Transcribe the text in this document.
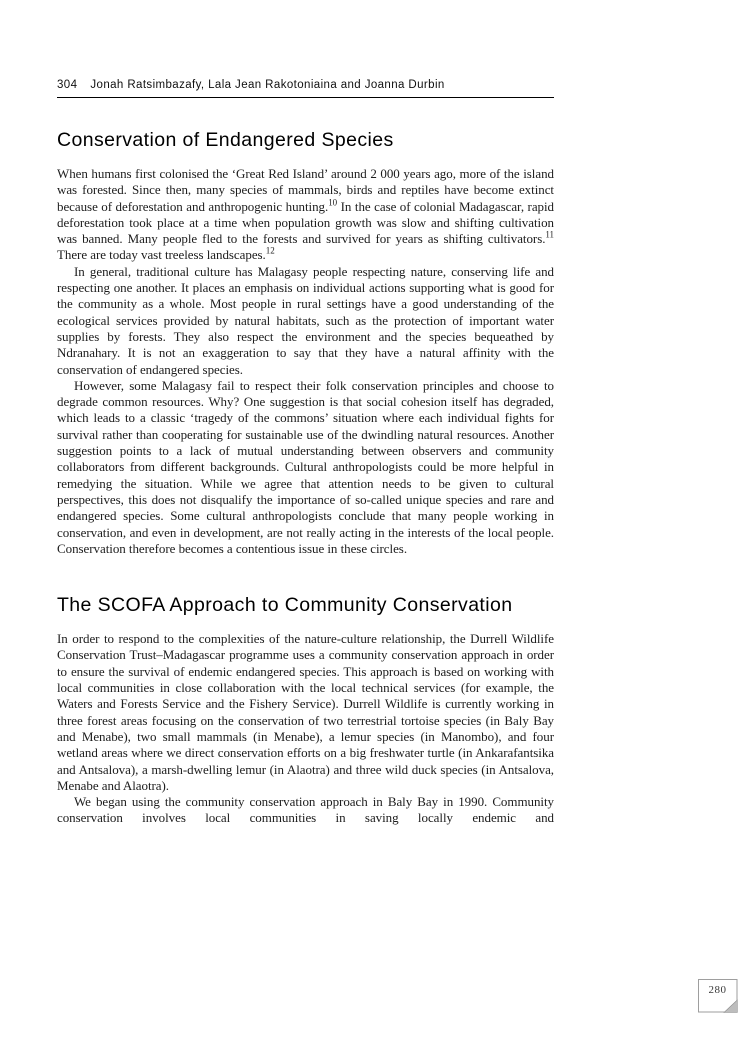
304 Jonah Ratsimbazafy, Lala Jean Rakotoniaina and Joanna Durbin
Conservation of Endangered Species

When humans first colonised the ‘Great Red Island’ around 2 000 years ago, more of the island was forested. Since then, many species of mammals, birds and reptiles have become extinct because of deforestation and anthropogenic hunting.$^{10}$ In the case of colonial Madagascar, rapid deforestation took place at a time when population growth was slow and shifting cultivation was banned. Many people fled to the forests and survived for years as shifting cultivators.$^{11}$ There are today vast treeless landscapes.$^{12}$

In general, traditional culture has Malagasy people respecting nature, conserving life and respecting one another. It places an emphasis on individual actions supporting what is good for the community as a whole. Most people in rural settings have a good understanding of the ecological services provided by natural habitats, such as the protection of important water supplies by forests. They also respect the environment and the species bequeathed by Ndranahary. It is not an exaggeration to say that they have a natural affinity with the conservation of endangered species.

However, some Malagasy fail to respect their folk conservation principles and choose to degrade common resources. Why? One suggestion is that social cohesion itself has degraded, which leads to a classic ‘tragedy of the commons’ situation where each individual fights for survival rather than cooperating for sustainable use of the dwindling natural resources. Another suggestion points to a lack of mutual understanding between observers and community collaborators from different backgrounds. Cultural anthropologists could be more helpful in remedying the situation. While we agree that attention needs to be given to cultural perspectives, this does not disqualify the importance of so-called unique species and rare and endangered species. Some cultural anthropologists conclude that many people working in conservation, and even in development, are not really acting in the interests of the local people. Conservation therefore becomes a contentious issue in these circles.

The SCOFA Approach to Community Conservation

In order to respond to the complexities of the nature-culture relationship, the Durrell Wildlife Conservation Trust–Madagascar programme uses a community conservation approach in order to ensure the survival of endemic endangered species. This approach is based on working with local communities in close collaboration with the local technical services (for example, the Waters and Forests Service and the Fishery Service). Durrell Wildlife is currently working in three forest areas focusing on the conservation of two terrestrial tortoise species (in Baly Bay and Menabe), two small mammals (in Menabe), a lemur species (in Manombo), and four wetland areas where we direct conservation efforts on a big freshwater turtle (in Ankarafantsika and Antsalova), a marsh-dwelling lemur (in Alaotra) and three wild duck species (in Antsalova, Menabe and Alaotra).

We began using the community conservation approach in Baly Bay in 1990. Community conservation involves local communities in saving locally endemic and

280
